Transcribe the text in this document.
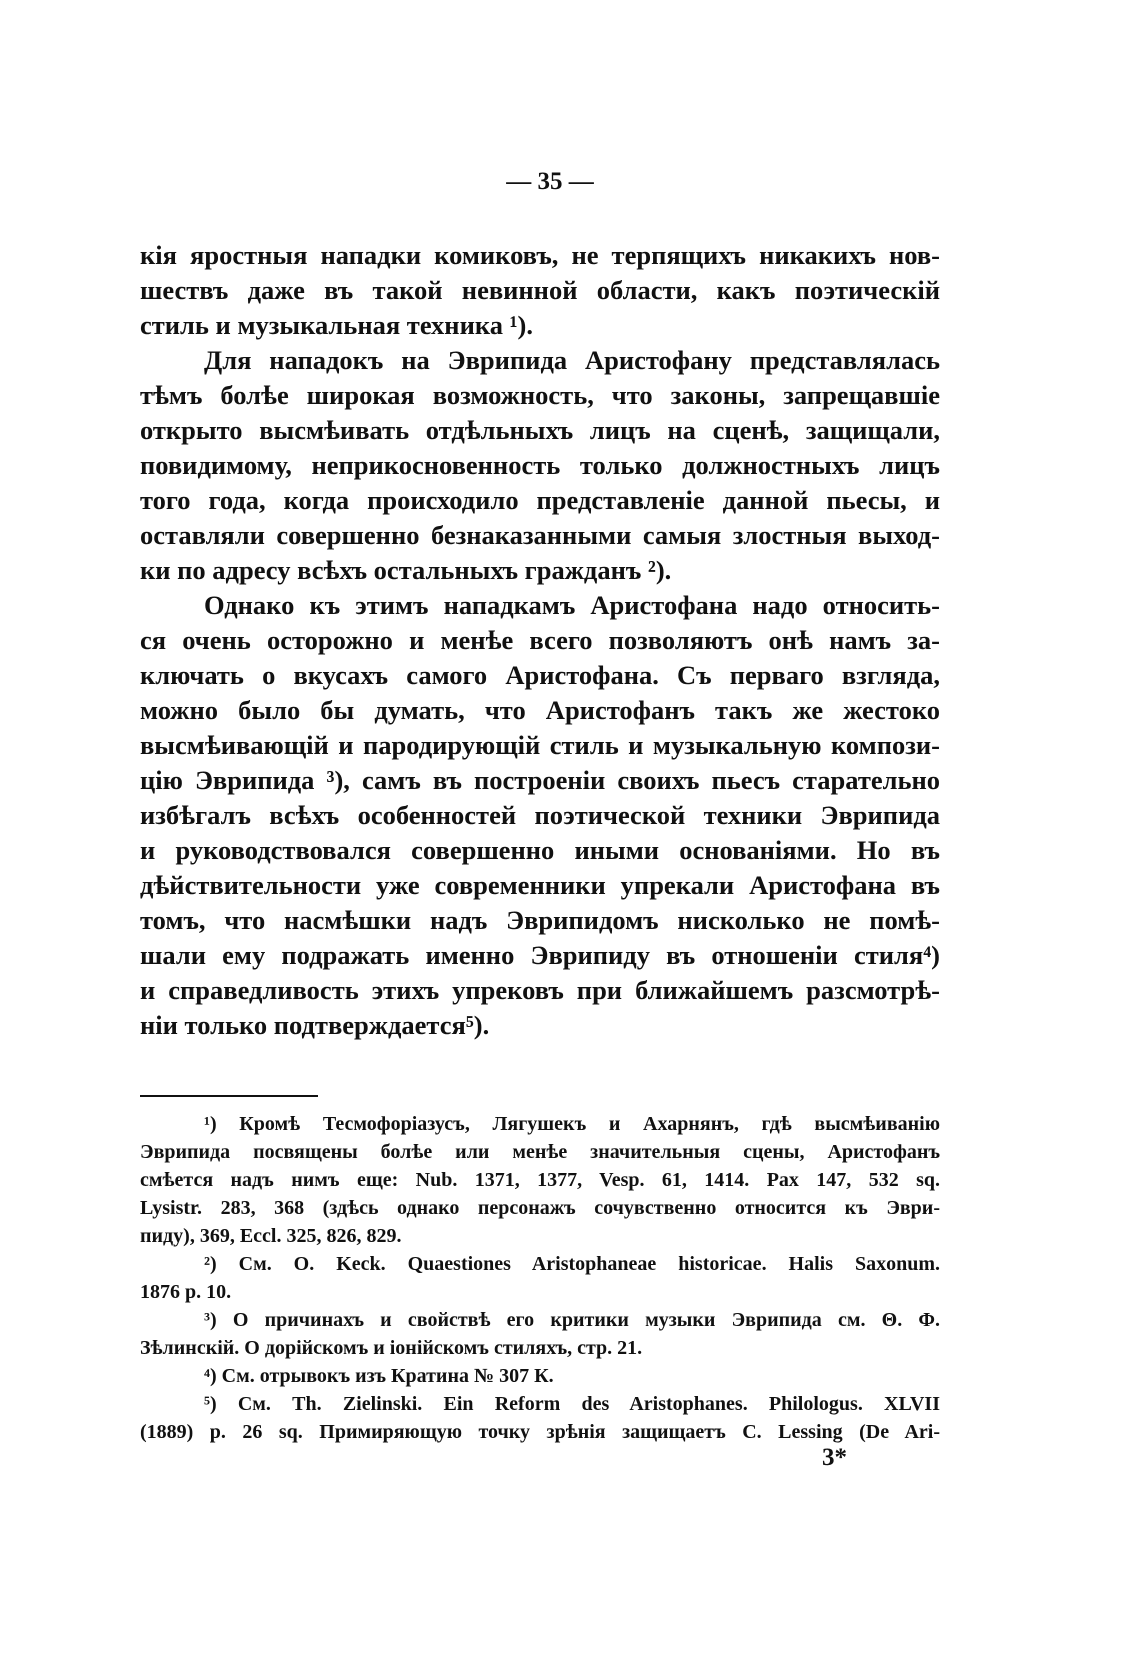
— 35 —
кія яростныя нападки комиковъ, не терпящихъ никакихъ нов-
шествъ даже въ такой невинной области, какъ поэтическій
стиль и музыкальная техника ¹).
Для нападокъ на Эврипида Аристофану представлялась
тѣмъ болѣе широкая возможность, что законы, запрещавшіе
открыто высмѣивать отдѣльныхъ лицъ на сценѣ, защищали,
повидимому, неприкосновенность только должностныхъ лицъ
того года, когда происходило представленіе данной пьесы, и
оставляли совершенно безнаказанными самыя злостныя выход-
ки по адресу всѣхъ остальныхъ гражданъ ²).
Однако къ этимъ нападкамъ Аристофана надо относить-
ся очень осторожно и менѣе всего позволяютъ онѣ намъ за-
ключать о вкусахъ самого Аристофана. Съ перваго взгляда,
можно было бы думать, что Аристофанъ такъ же жестоко
высмѣивающій и пародирующій стиль и музыкальную компози-
цію Эврипида ³), самъ въ построеніи своихъ пьесъ старательно
избѣгалъ всѣхъ особенностей поэтической техники Эврипида
и руководствовался совершенно иными основаніями. Но въ
дѣйствительности уже современники упрекали Аристофана въ
томъ, что насмѣшки надъ Эврипидомъ нисколько не помѣ-
шали ему подражать именно Эврипиду въ отношеніи стиля⁴)
и справедливость этихъ упрековъ при ближайшемъ разсмотрѣ-
ніи только подтверждается⁵).
¹) Кромѣ Тесмофоріазусъ, Лягушекъ и Ахарнянъ, гдѣ высмѣиванію
Эврипида посвящены болѣе или менѣе значительныя сцены, Аристофанъ
смѣется надъ нимъ еще: Nub. 1371, 1377, Vesp. 61, 1414. Pax 147, 532 sq.
Lysistr. 283, 368 (здѣсь однако персонажъ сочувственно относится къ Эври-
пиду), 369, Eccl. 325, 826, 829.
²) См. O. Keck. Quaestiones Aristophaneae historicae. Halis Saxonum.
1876 p. 10.
³) О причинахъ и свойствѣ его критики музыки Эврипида см. Θ. Φ.
Зѣлинскій. О дорійскомъ и іонійскомъ стиляхъ, стр. 21.
⁴) См. отрывокъ изъ Кратина № 307 К.
⁵) См. Th. Zielinski. Ein Reform des Aristophanes. Philologus. XLVII
(1889) p. 26 sq. Примиряющую точку зрѣнія защищаетъ C. Lessing (De Ari-
3*
